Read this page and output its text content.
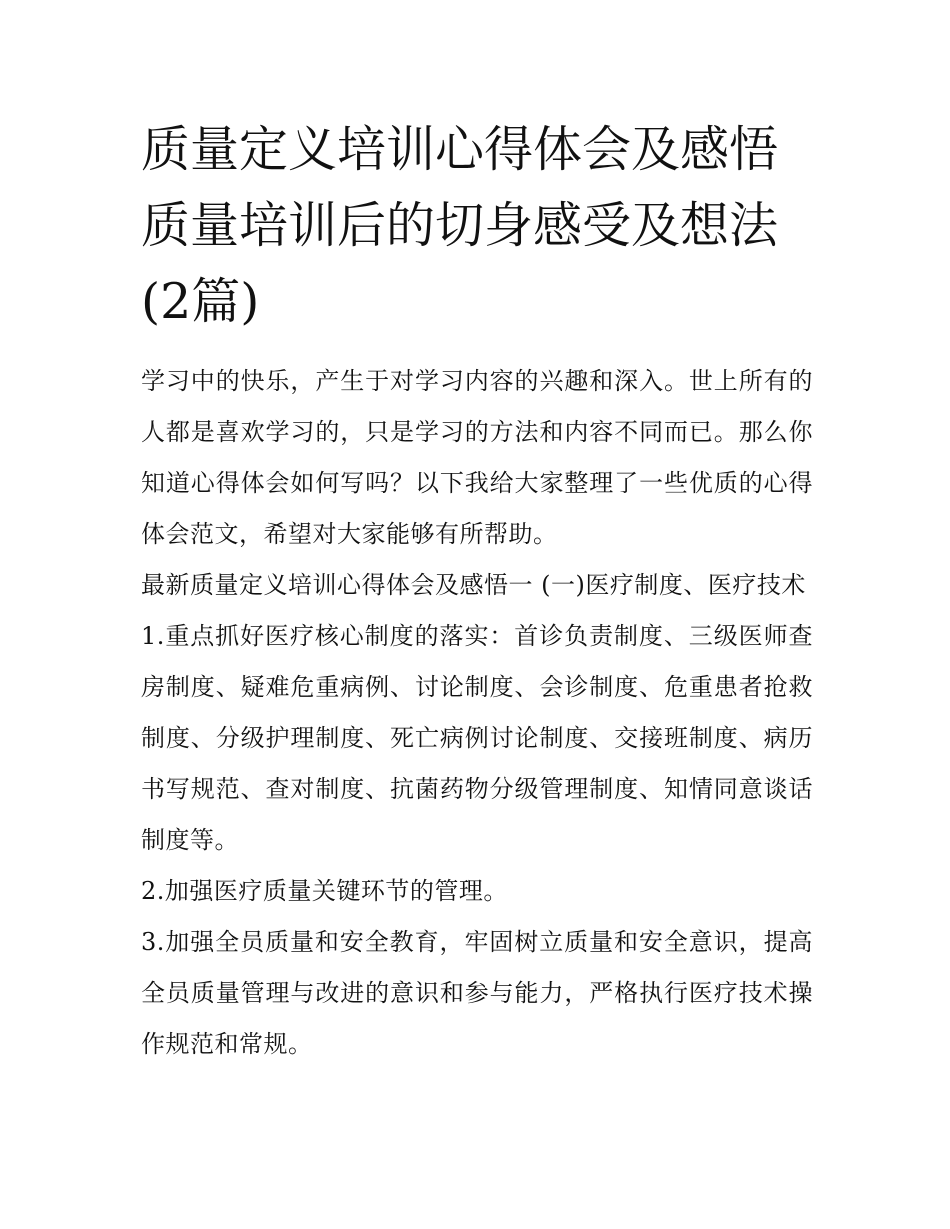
质量定义培训心得体会及感悟质量培训后的切身感受及想法(2篇)

学习中的快乐，产生于对学习内容的兴趣和深入。世上所有的人都是喜欢学习的，只是学习的方法和内容不同而已。那么你知道心得体会如何写吗？以下我给大家整理了一些优质的心得体会范文，希望对大家能够有所帮助。

最新质量定义培训心得体会及感悟一 (一)医疗制度、医疗技术

1.重点抓好医疗核心制度的落实：首诊负责制度、三级医师查房制度、疑难危重病例、讨论制度、会诊制度、危重患者抢救制度、分级护理制度、死亡病例讨论制度、交接班制度、病历书写规范、查对制度、抗菌药物分级管理制度、知情同意谈话制度等。

2.加强医疗质量关键环节的管理。

3.加强全员质量和安全教育，牢固树立质量和安全意识，提高全员质量管理与改进的意识和参与能力，严格执行医疗技术操作规范和常规。
